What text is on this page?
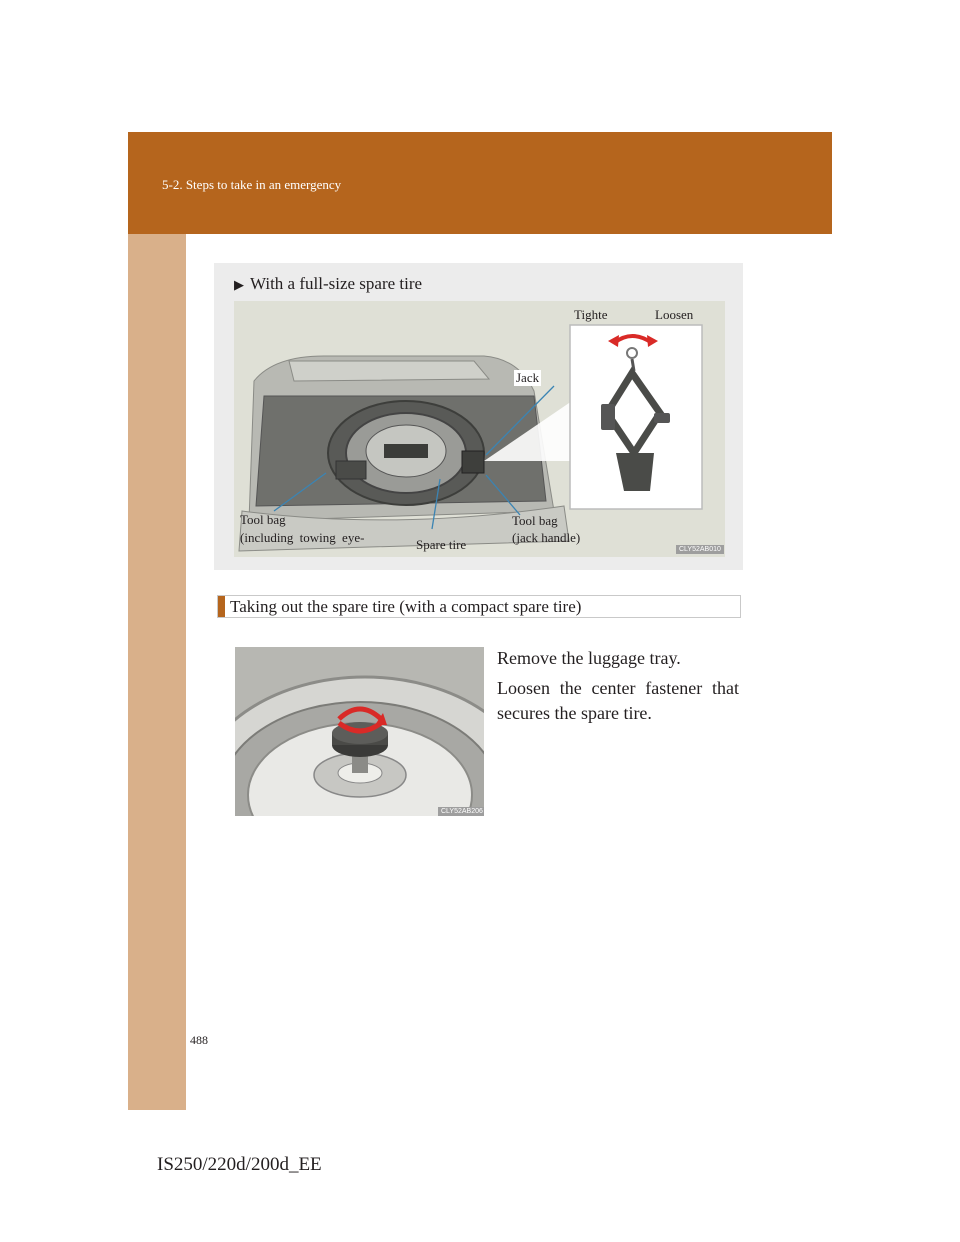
5-2. Steps to take in an emergency
▶ With a full-size spare tire
Tighte	Loosen
Jack
Tool bag
(including towing eye-	Spare tire
Tool bag
(jack handle)
CLY52AB010
Taking out the spare tire (with a compact spare tire)
CLY52AB206
Remove the luggage tray.
Loosen the center fastener that secures the spare tire.
488
IS250/220d/200d_EE
